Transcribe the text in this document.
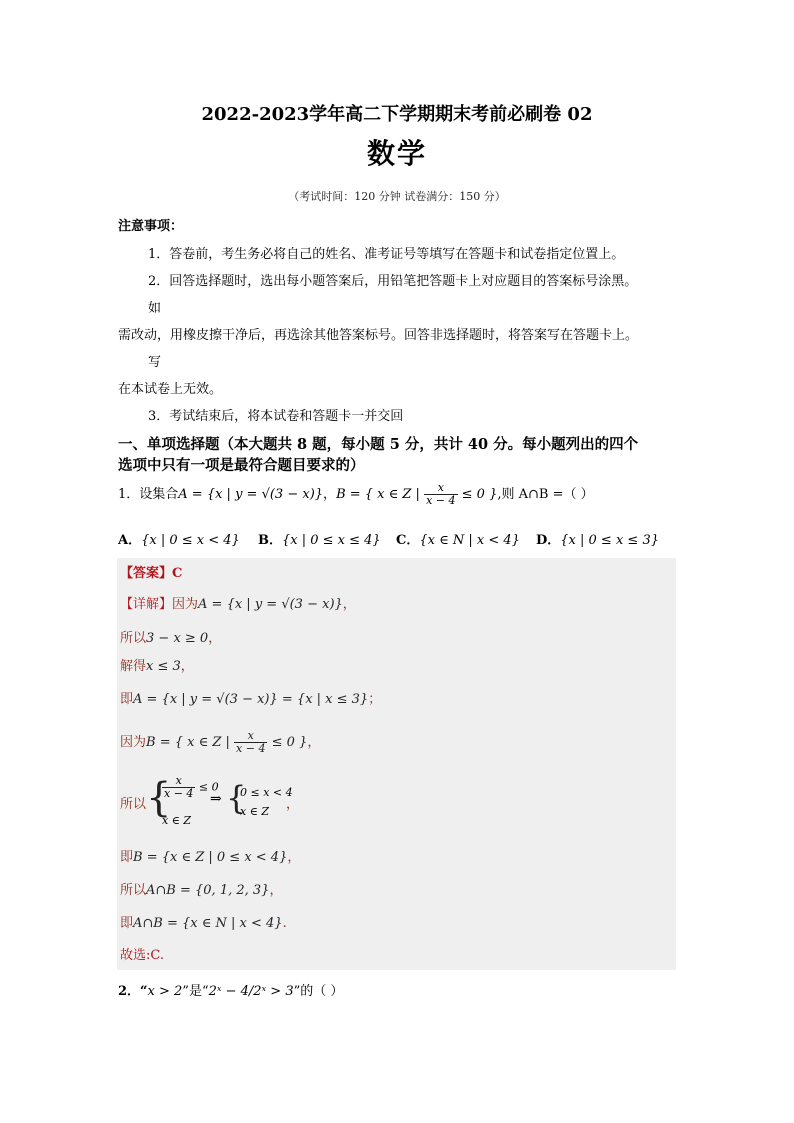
2022-2023学年高二下学期期末考前必刷卷 02
数学
（考试时间：120 分钟 试卷满分：150 分）
注意事项：
1．答卷前，考生务必将自己的姓名、准考证号等填写在答题卡和试卷指定位置上。
2．回答选择题时，选出每小题答案后，用铅笔把答题卡上对应题目的答案标号涂黑。
如
需改动，用橡皮擦干净后，再选涂其他答案标号。回答非选择题时，将答案写在答题卡上。
写
在本试卷上无效。
3．考试结束后，将本试卷和答题卡一并交回
一、单项选择题（本大题共 8 题，每小题 5 分，共计 40 分。每小题列出的四个
选项中只有一项是最符合题目要求的）
1．设集合A = {x | y = √(3 − x)}，B = { x ∈ Z | $\frac{x}{x - 4} \le 0$ },则 A∩B =（ ）
A．{x | 0 ≤ x < 4} B．{x | 0 ≤ x ≤ 4} C．{x ∈ N | x < 4} D．{x | 0 ≤ x ≤ 3}
【答案】C
【详解】因为A = {x | y = √(3 − x)}，
所以3 − x ≥ 0，
解得x ≤ 3，
即A = {x | y = √(3 − x)} = {x | x ≤ 3}；
因为B = { x ∈ Z | $\frac{x}{x - 4} \le 0$ }，
所以 {
$\frac{x}{x - 4} \le 0$
x ∈ Z
⇒ {
0 ≤ x < 4
x ∈ Z ，
即B = {x ∈ Z | 0 ≤ x < 4}，
所以A∩B = {0, 1, 2, 3}，
即A∩B = {x ∈ N | x < 4}.
故选:C.
2．“x > 2”是“2ˣ − 4/2ˣ > 3”的（ ）
